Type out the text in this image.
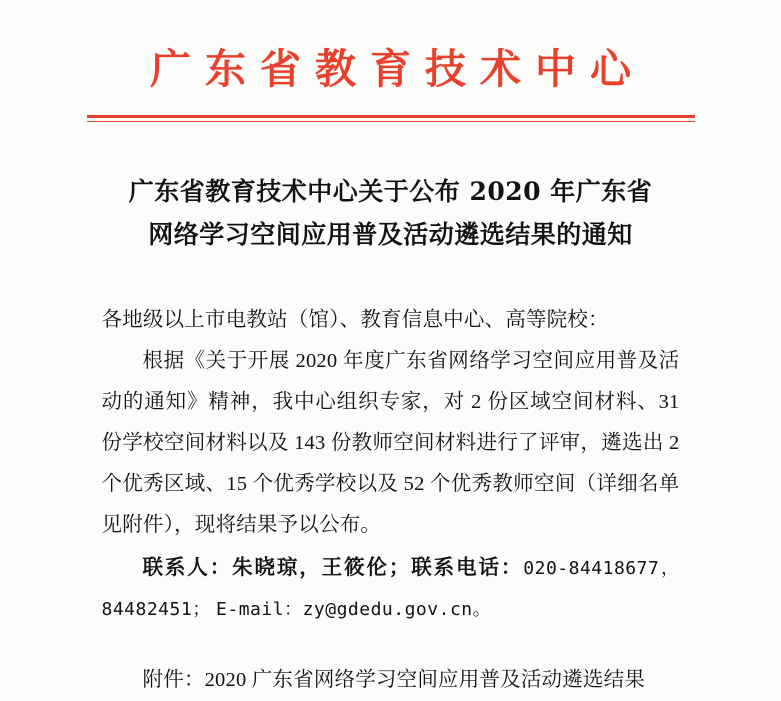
广东省教育技术中心
广东省教育技术中心关于公布 2020 年广东省
网络学习空间应用普及活动遴选结果的通知

各地级以上市电教站（馆）、教育信息中心、高等院校：

根据《关于开展 2020 年度广东省网络学习空间应用普及活动的通知》精神，我中心组织专家，对 2 份区域空间材料、31 份学校空间材料以及 143 份教师空间材料进行了评审，遴选出 2 个优秀区域、15 个优秀学校以及 52 个优秀教师空间（详细名单见附件），现将结果予以公布。

联系人：朱晓琼，王筱伦；联系电话：020-84418677，84482451； E-mail：zy@gdedu.gov.cn。

附件：2020 广东省网络学习空间应用普及活动遴选结果
